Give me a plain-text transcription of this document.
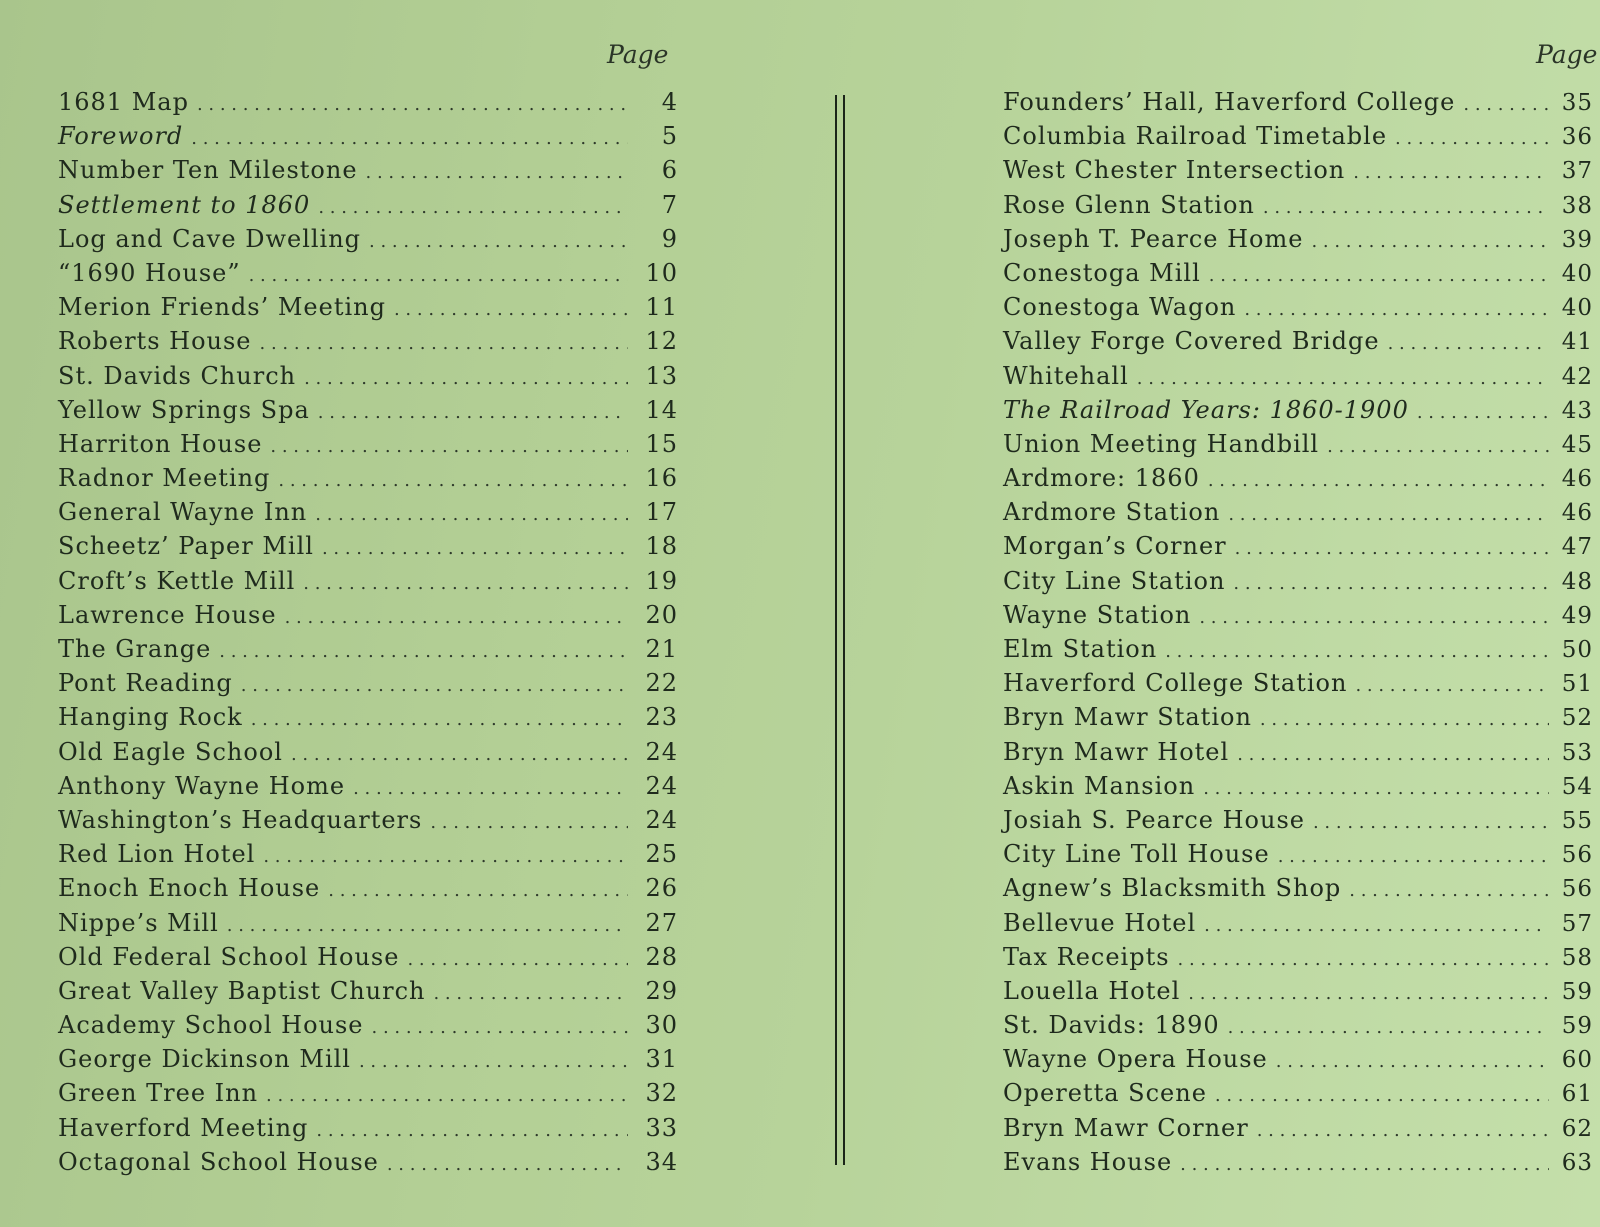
Page	Page
1681 Map . . .	4
Foreword . . .	5
Number Ten Milestone . . .	6
Settlement to 1860 . . .	7
Log and Cave Dwelling . . .	9
“1690 House” . . .	10
Merion Friends’ Meeting . . .	11
Roberts House . . .	12
St. Davids Church . . .	13
Yellow Springs Spa . . .	14
Harriton House . . .	15
Radnor Meeting . . .	16
General Wayne Inn . . .	17
Scheetz’ Paper Mill . . .	18
Croft’s Kettle Mill . . .	19
Lawrence House . . .	20
The Grange . . .	21
Pont Reading . . .	22
Hanging Rock . . .	23
Old Eagle School . . .	24
Anthony Wayne Home . . .	24
Washington’s Headquarters . . .	24
Red Lion Hotel . . .	25
Enoch Enoch House . . .	26
Nippe’s Mill . . .	27
Old Federal School House . . .	28
Great Valley Baptist Church . . .	29
Academy School House . . .	30
George Dickinson Mill . . .	31
Green Tree Inn . . .	32
Haverford Meeting . . .	33
Octagonal School House . . .	34
Founders’ Hall, Haverford College . . .	35
Columbia Railroad Timetable . . .	36
West Chester Intersection . . .	37
Rose Glenn Station . . .	38
Joseph T. Pearce Home . . .	39
Conestoga Mill . . .	40
Conestoga Wagon . . .	40
Valley Forge Covered Bridge . . .	41
Whitehall . . .	42
The Railroad Years: 1860-1900 . . .	43
Union Meeting Handbill . . .	45
Ardmore: 1860 . . .	46
Ardmore Station . . .	46
Morgan’s Corner . . .	47
City Line Station . . .	48
Wayne Station . . .	49
Elm Station . . .	50
Haverford College Station . . .	51
Bryn Mawr Station . . .	52
Bryn Mawr Hotel . . .	53
Askin Mansion . . .	54
Josiah S. Pearce House . . .	55
City Line Toll House . . .	56
Agnew’s Blacksmith Shop . . .	56
Bellevue Hotel . . .	57
Tax Receipts . . .	58
Louella Hotel . . .	59
St. Davids: 1890 . . .	59
Wayne Opera House . . .	60
Operetta Scene . . .	61
Bryn Mawr Corner . . .	62
Evans House . . .	63
